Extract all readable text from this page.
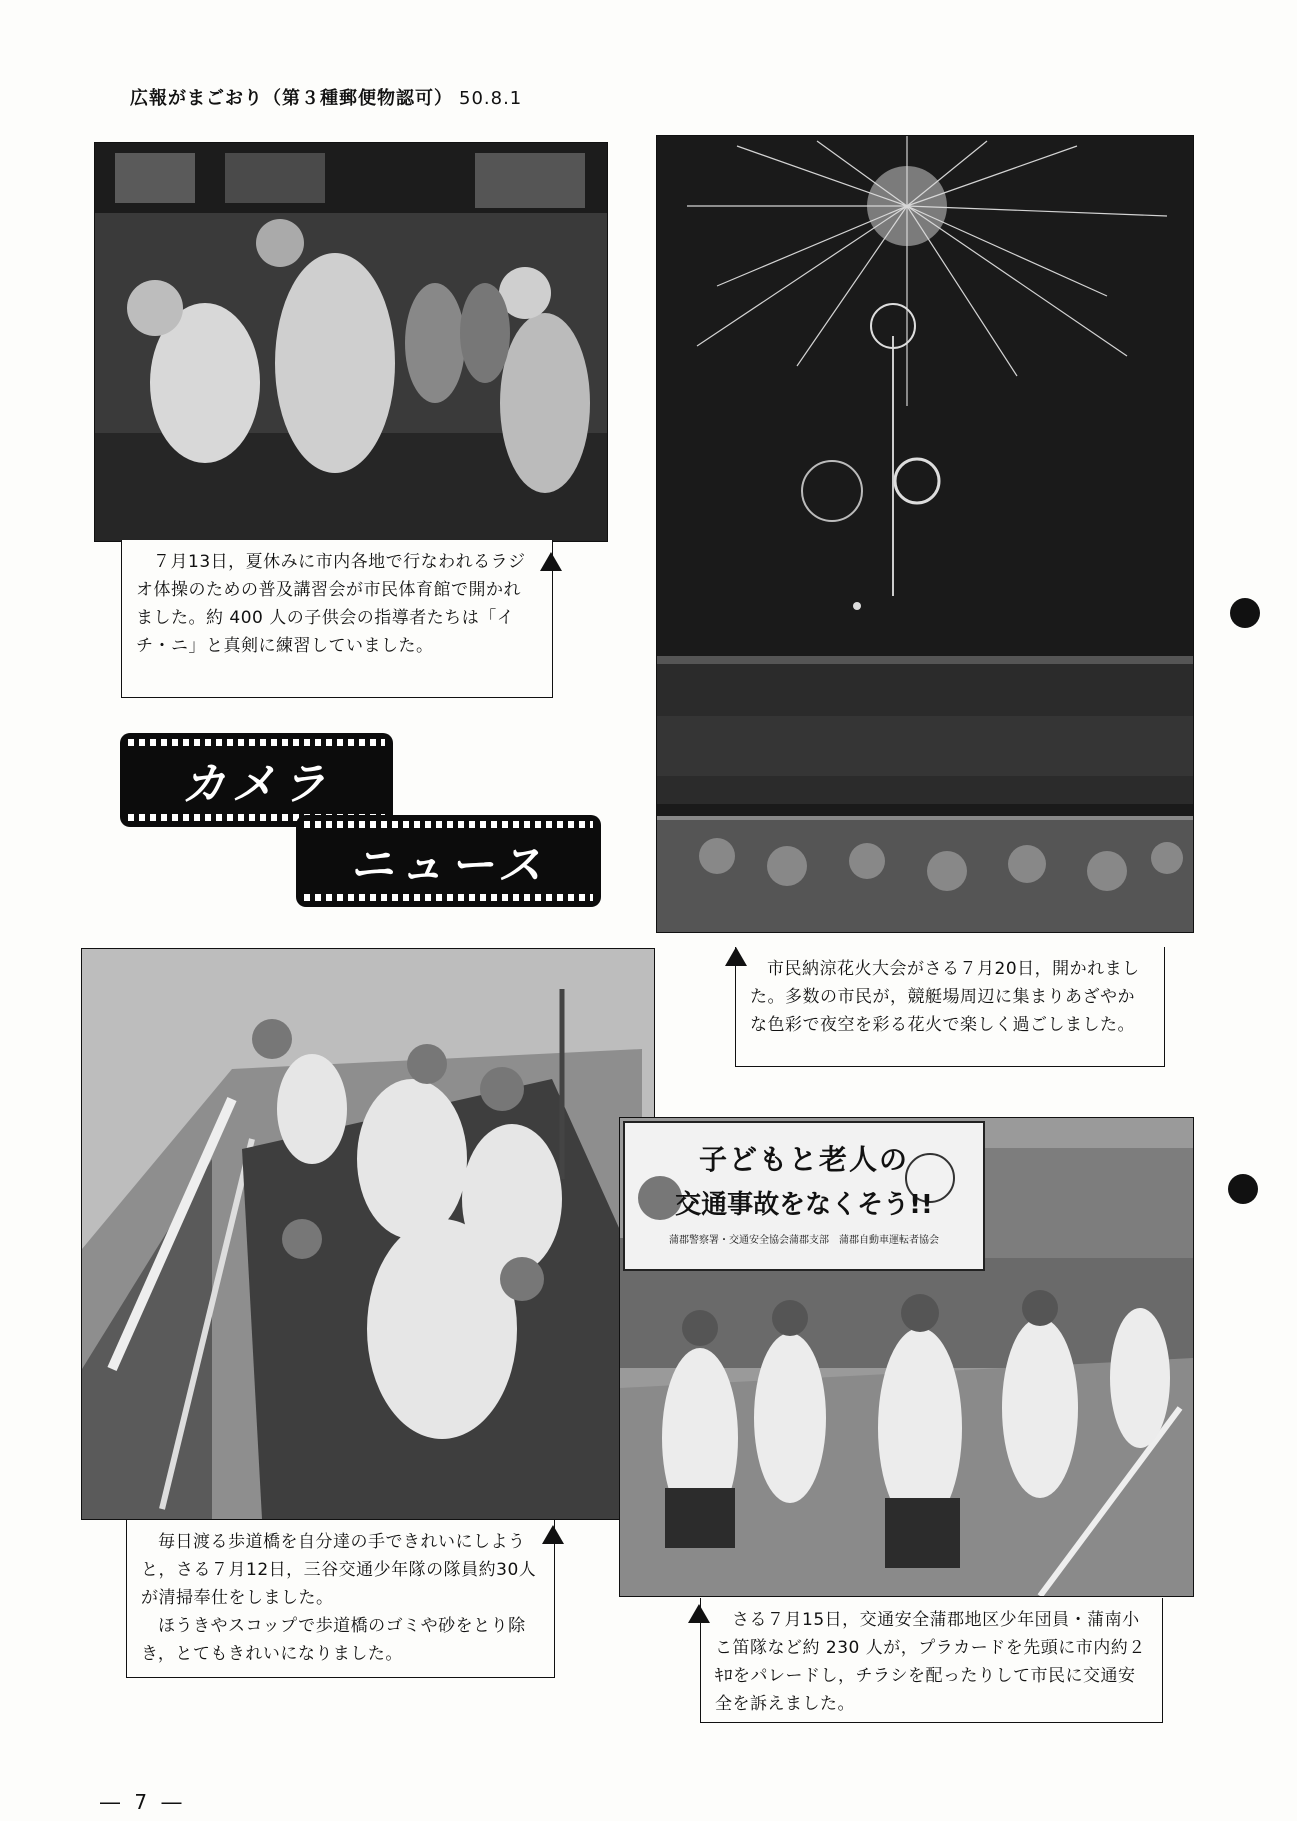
広報がまごおり（第３種郵便物認可） 50.8.1

７月13日，夏休みに市内各地で行なわれるラジオ体操のための普及講習会が市民体育館で開かれました。約 400 人の子供会の指導者たちは「イチ・ニ」と真剣に練習していました。

市民納涼花火大会がさる７月20日，開かれました。多数の市民が，競艇場周辺に集まりあざやかな色彩で夜空を彩る花火で楽しく過ごしました。

カメラ
ニュース

毎日渡る歩道橋を自分達の手できれいにしようと，さる７月12日，三谷交通少年隊の隊員約30人が清掃奉仕をしました。

ほうきやスコップで歩道橋のゴミや砂をとり除き，とてもきれいになりました。

子どもと老人の
交通事故をなくそう!!
蒲郡警察署・交通安全協会蒲郡支部　蒲郡自動車運転者協会

さる７月15日，交通安全蒲郡地区少年団員・蒲南小こ笛隊など約 230 人が，プラカードを先頭に市内約２ｷﾛをパレードし，チラシを配ったりして市民に交通安全を訴えました。

― 7 ―
